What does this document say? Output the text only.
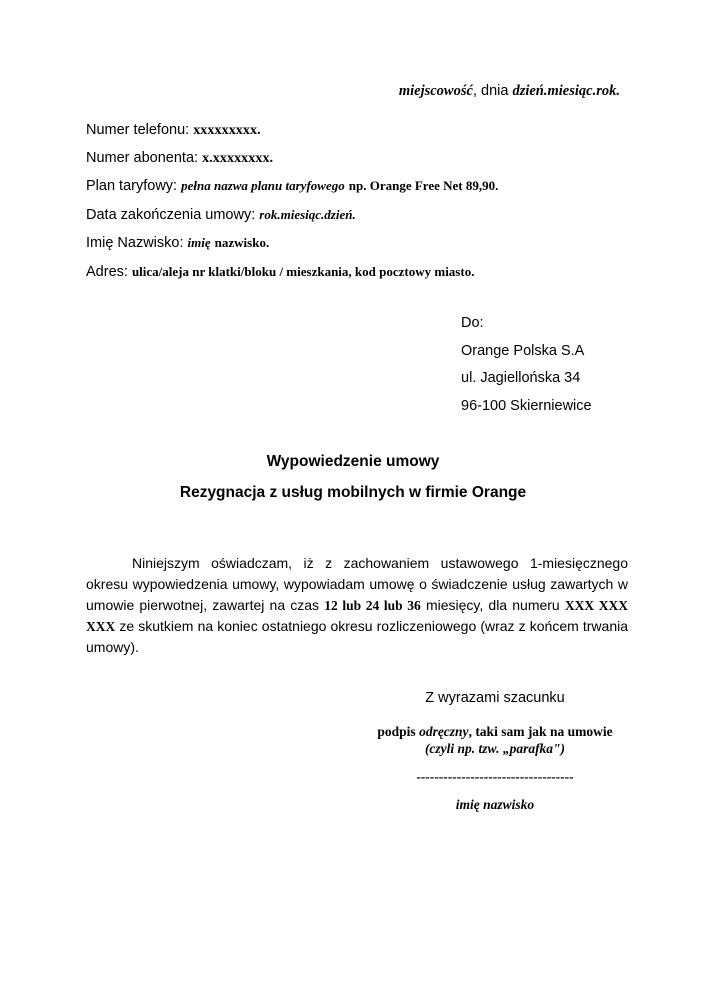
miejscowość, dnia dzień.miesiąc.rok.
Numer telefonu: xxxxxxxxx.
Numer abonenta: x.xxxxxxxx.
Plan taryfowy: pełna nazwa planu taryfowego np. Orange Free Net 89,90.
Data zakończenia umowy: rok.miesiąc.dzień.
Imię Nazwisko: imię nazwisko.
Adres: ulica/aleja nr klatki/bloku / mieszkania, kod pocztowy miasto.
Do:
Orange Polska S.A
ul. Jagiellońska 34
96-100 Skierniewice
Wypowiedzenie umowy
Rezygnacja z usług mobilnych w firmie Orange

Niniejszym oświadczam, iż z zachowaniem ustawowego 1-miesięcznego okresu wypowiedzenia umowy, wypowiadam umowę o świadczenie usług zawartych w umowie pierwotnej, zawartej na czas 12 lub 24 lub 36 miesięcy, dla numeru XXX XXX XXX ze skutkiem na koniec ostatniego okresu rozliczeniowego (wraz z końcem trwania umowy).

Z wyrazami szacunku
podpis odręczny, taki sam jak na umowie
(czyli np. tzw. „parafka")
-----------------------------------
imię nazwisko
